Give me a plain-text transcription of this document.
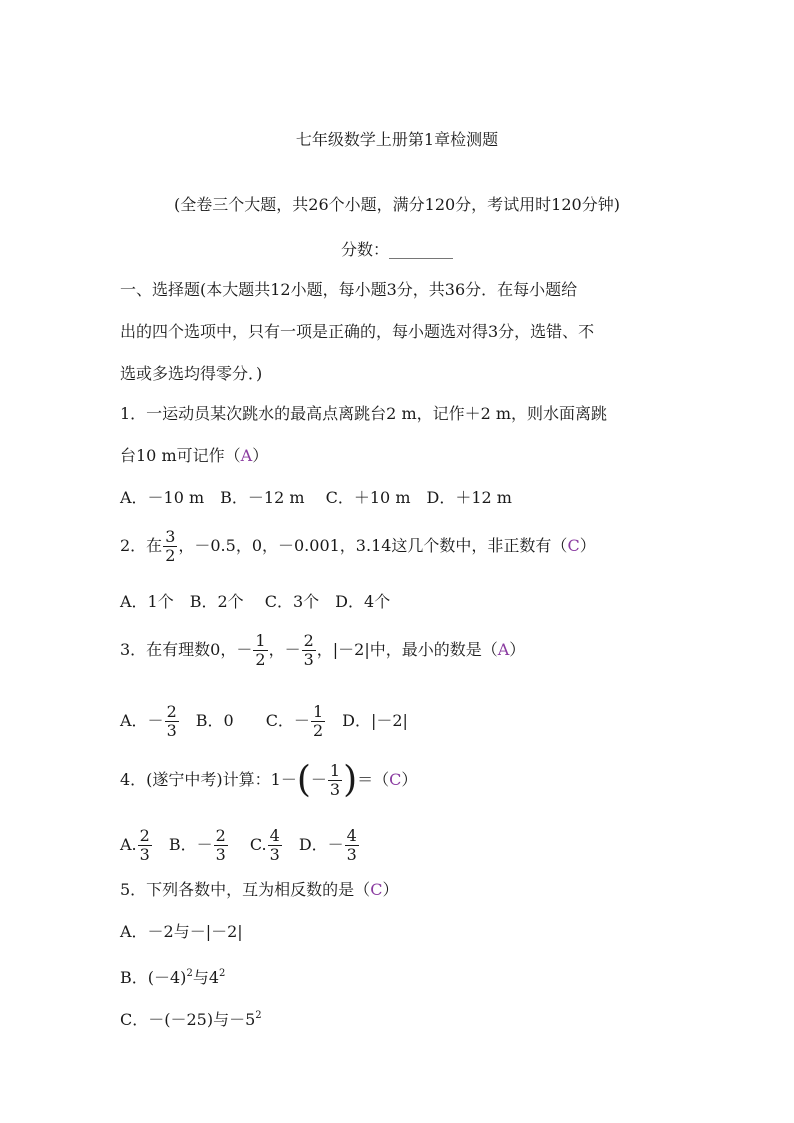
七年级数学上册第1章检测题
(全卷三个大题，共26个小题，满分120分，考试用时120分钟)
分数：________
一、选择题(本大题共12小题，每小题3分，共36分．在每小题给
出的四个选项中，只有一项是正确的，每小题选对得3分，选错、不
选或多选均得零分．)
1．一运动员某次跳水的最高点离跳台2 m，记作＋2 m，则水面离跳
台10 m可记作（A）
A．－10 m　B．－12 m　 C．＋10 m　D．＋12 m
2．在 $\frac{3}{2}$ ，－0.5，0，－0.001，3.14这几个数中，非正数有（C）
A．1个　B．2个　 C．3个　D．4个
3．在有理数0，－ $\frac{1}{2}$ ，－ $\frac{2}{3}$ ，|－2|中，最小的数是（A）
A．－ $\frac{2}{3}$ 　B．0　　C．－ $\frac{1}{2}$ 　D．|－2|
4．(遂宁中考)计算：$1-(- \frac{1}{3} )=(C)$
A. $\frac{2}{3}$ 　B．－ $\frac{2}{3}$ 　 C. $\frac{4}{3}$ 　D．－ $\frac{4}{3}$
5．下列各数中，互为相反数的是（C）
A．－2与－|－2|
B．$(-4)^2$与$4^2$
C．－(－25)与$-5^2$
